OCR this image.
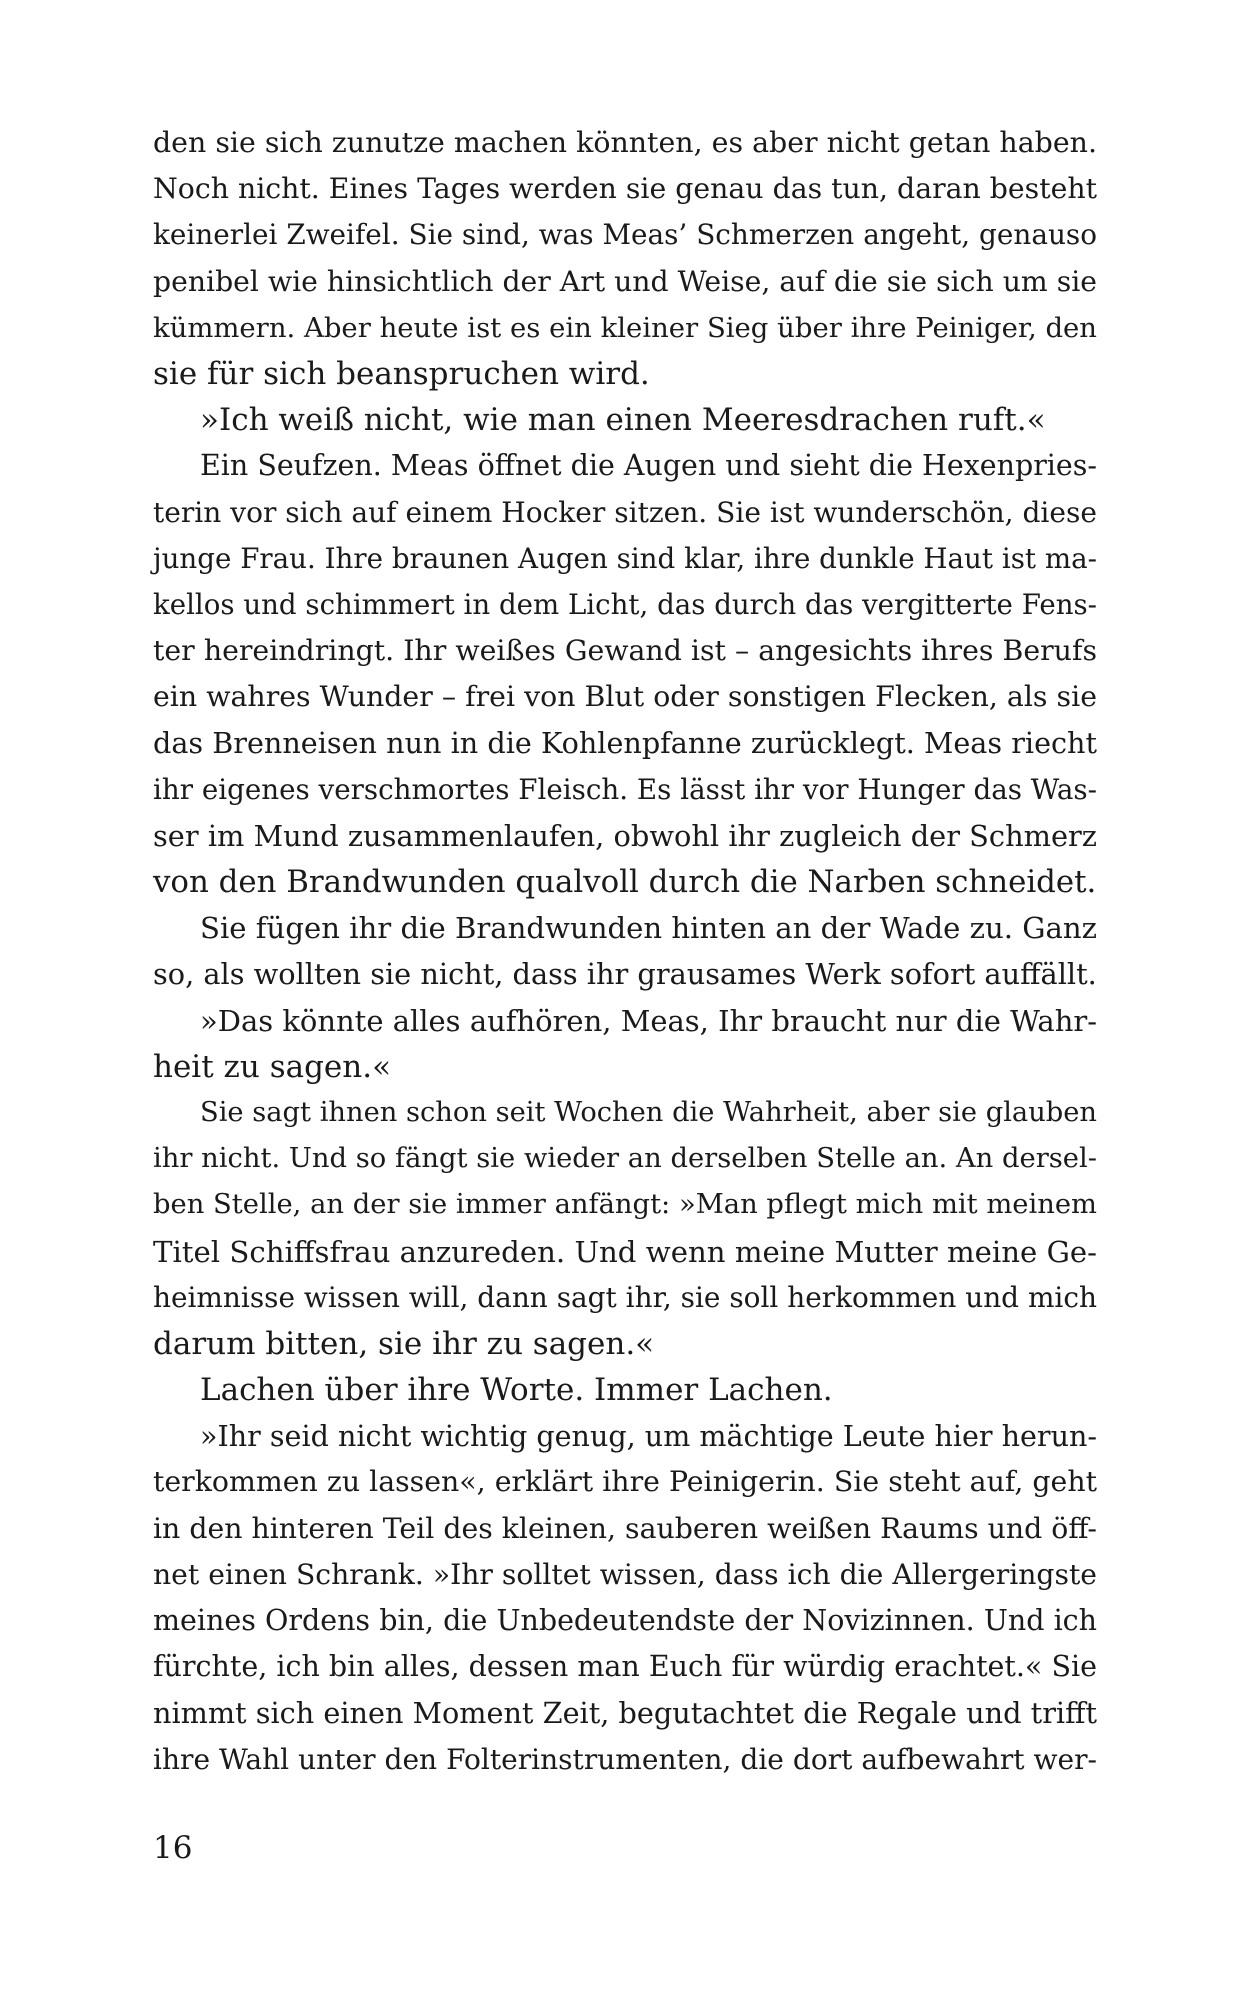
den sie sich zunutze machen könnten, es aber nicht getan haben.
Noch nicht. Eines Tages werden sie genau das tun, daran besteht
keinerlei Zweifel. Sie sind, was Meas’ Schmerzen angeht, genauso
penibel wie hinsichtlich der Art und Weise, auf die sie sich um sie
kümmern. Aber heute ist es ein kleiner Sieg über ihre Peiniger, den
sie für sich beanspruchen wird.
»Ich weiß nicht, wie man einen Meeresdrachen ruft.«
Ein Seufzen. Meas öffnet die Augen und sieht die Hexenpries-
terin vor sich auf einem Hocker sitzen. Sie ist wunderschön, diese
junge Frau. Ihre braunen Augen sind klar, ihre dunkle Haut ist ma-
kellos und schimmert in dem Licht, das durch das vergitterte Fens-
ter hereindringt. Ihr weißes Gewand ist – angesichts ihres Berufs
ein wahres Wunder – frei von Blut oder sonstigen Flecken, als sie
das Brenneisen nun in die Kohlenpfanne zurücklegt. Meas riecht
ihr eigenes verschmortes Fleisch. Es lässt ihr vor Hunger das Was-
ser im Mund zusammenlaufen, obwohl ihr zugleich der Schmerz
von den Brandwunden qualvoll durch die Narben schneidet.
Sie fügen ihr die Brandwunden hinten an der Wade zu. Ganz
so, als wollten sie nicht, dass ihr grausames Werk sofort auffällt.
»Das könnte alles aufhören, Meas, Ihr braucht nur die Wahr-
heit zu sagen.«
Sie sagt ihnen schon seit Wochen die Wahrheit, aber sie glauben
ihr nicht. Und so fängt sie wieder an derselben Stelle an. An dersel-
ben Stelle, an der sie immer anfängt: »Man pflegt mich mit meinem
Titel Schiffsfrau anzureden. Und wenn meine Mutter meine Ge-
heimnisse wissen will, dann sagt ihr, sie soll herkommen und mich
darum bitten, sie ihr zu sagen.«
Lachen über ihre Worte. Immer Lachen.
»Ihr seid nicht wichtig genug, um mächtige Leute hier herun-
terkommen zu lassen«, erklärt ihre Peinigerin. Sie steht auf, geht
in den hinteren Teil des kleinen, sauberen weißen Raums und öff-
net einen Schrank. »Ihr solltet wissen, dass ich die Allergeringste
meines Ordens bin, die Unbedeutendste der Novizinnen. Und ich
fürchte, ich bin alles, dessen man Euch für würdig erachtet.« Sie
nimmt sich einen Moment Zeit, begutachtet die Regale und trifft
ihre Wahl unter den Folterinstrumenten, die dort aufbewahrt wer-
16
